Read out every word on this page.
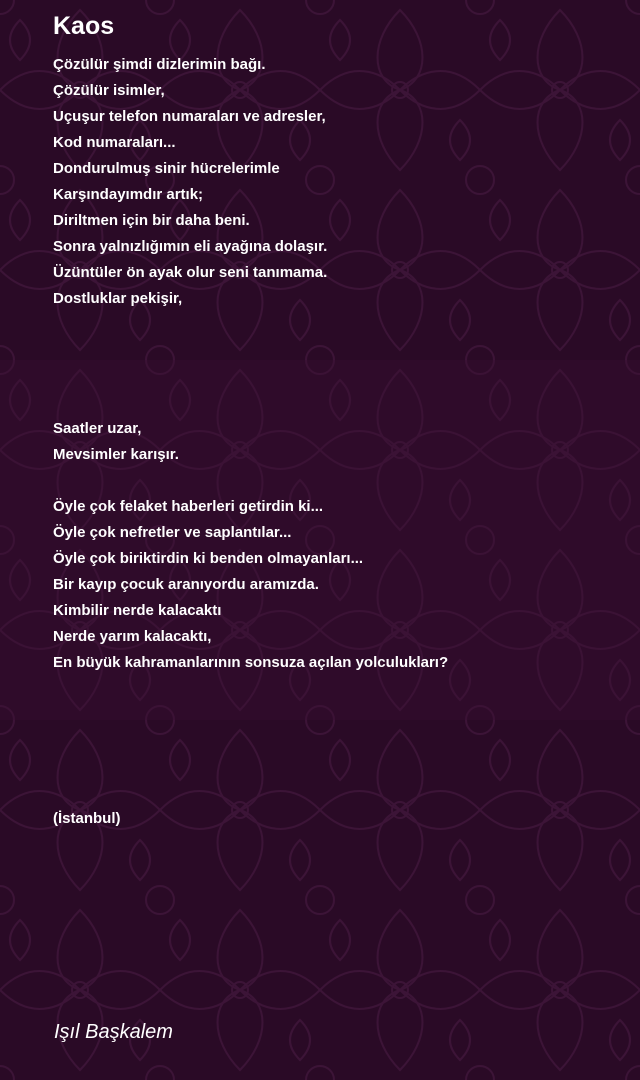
Kaos
Çözülür şimdi dizlerimin bağı.
Çözülür isimler,
Uçuşur telefon numaraları ve adresler,
Kod numaraları...
Dondurulmuş sinir hücrelerimle
Karşındayımdır artık;
Diriltmen için bir daha beni.
Sonra yalnızlığımın eli ayağına dolaşır.
Üzüntüler ön ayak olur seni tanımama.
Dostluklar pekişir,
Saatler uzar,
Mevsimler karışır.
Öyle çok felaket haberleri getirdin ki...
Öyle çok nefretler ve saplantılar...
Öyle çok biriktirdin ki benden olmayanları...
Bir kayıp çocuk aranıyordu aramızda.
Kimbilir nerde kalacaktı
Nerde yarım kalacaktı,
En büyük kahramanlarının sonsuza açılan yolculukları?
(İstanbul)
Işıl Başkalem
